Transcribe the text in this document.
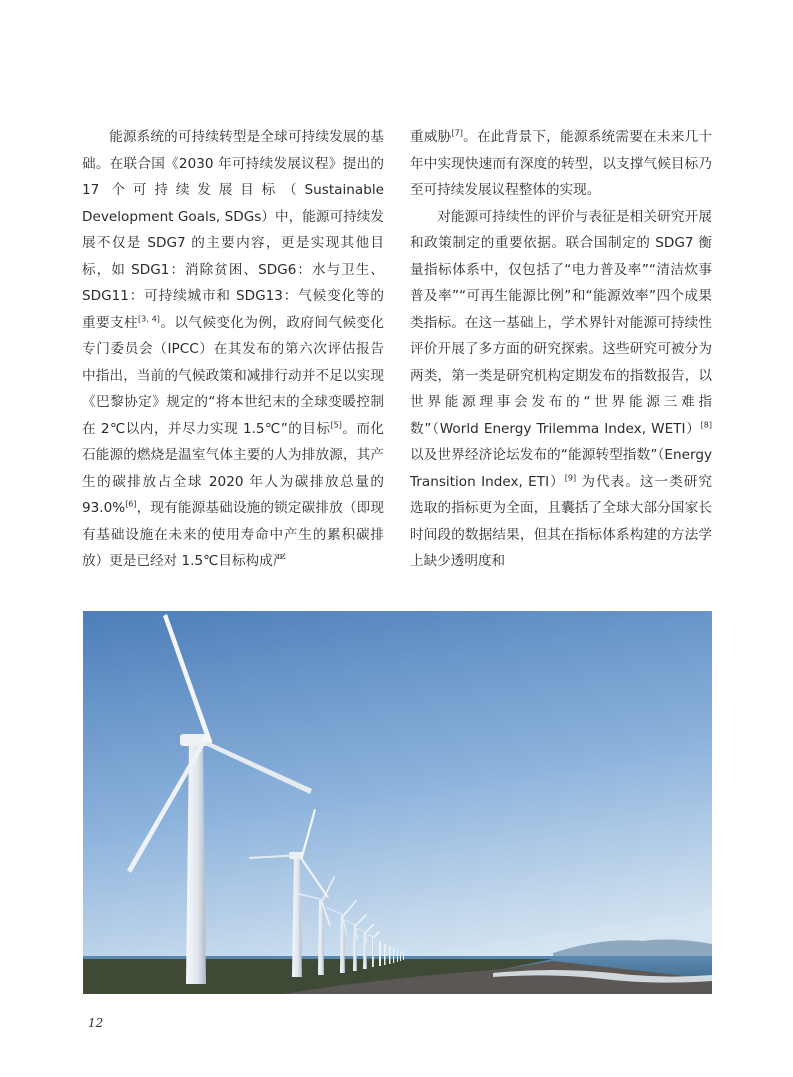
能源系统的可持续转型是全球可持续发展的基础。在联合国《2030 年可持续发展议程》提出的 17 个可持续发展目标（Sustainable Development Goals, SDGs）中，能源可持续发展不仅是 SDG7 的主要内容，更是实现其他目标，如 SDG1：消除贫困、SDG6：水与卫生、SDG11：可持续城市和 SDG13：气候变化等的重要支柱[3, 4]。以气候变化为例，政府间气候变化专门委员会（IPCC）在其发布的第六次评估报告中指出，当前的气候政策和减排行动并不足以实现《巴黎协定》规定的“将本世纪末的全球变暖控制在 2℃以内，并尽力实现 1.5℃”的目标[5]。而化石能源的燃烧是温室气体主要的人为排放源，其产生的碳排放占全球 2020 年人为碳排放总量的 93.0%[6]，现有能源基础设施的锁定碳排放（即现有基础设施在未来的使用寿命中产生的累积碳排放）更是已经对 1.5℃目标构成严

重威胁[7]。在此背景下，能源系统需要在未来几十年中实现快速而有深度的转型，以支撑气候目标乃至可持续发展议程整体的实现。

对能源可持续性的评价与表征是相关研究开展和政策制定的重要依据。联合国制定的 SDG7 衡量指标体系中，仅包括了“电力普及率”“清洁炊事普及率”“可再生能源比例”和“能源效率”四个成果类指标。在这一基础上，学术界针对能源可持续性评价开展了多方面的研究探索。这些研究可被分为两类，第一类是研究机构定期发布的指数报告，以世界能源理事会发布的“世界能源三难指数”（World Energy Trilemma Index, WETI）[8] 以及世界经济论坛发布的“能源转型指数”（Energy Transition Index, ETI）[9] 为代表。这一类研究选取的指标更为全面，且囊括了全球大部分国家长时间段的数据结果，但其在指标体系构建的方法学上缺少透明度和

12
